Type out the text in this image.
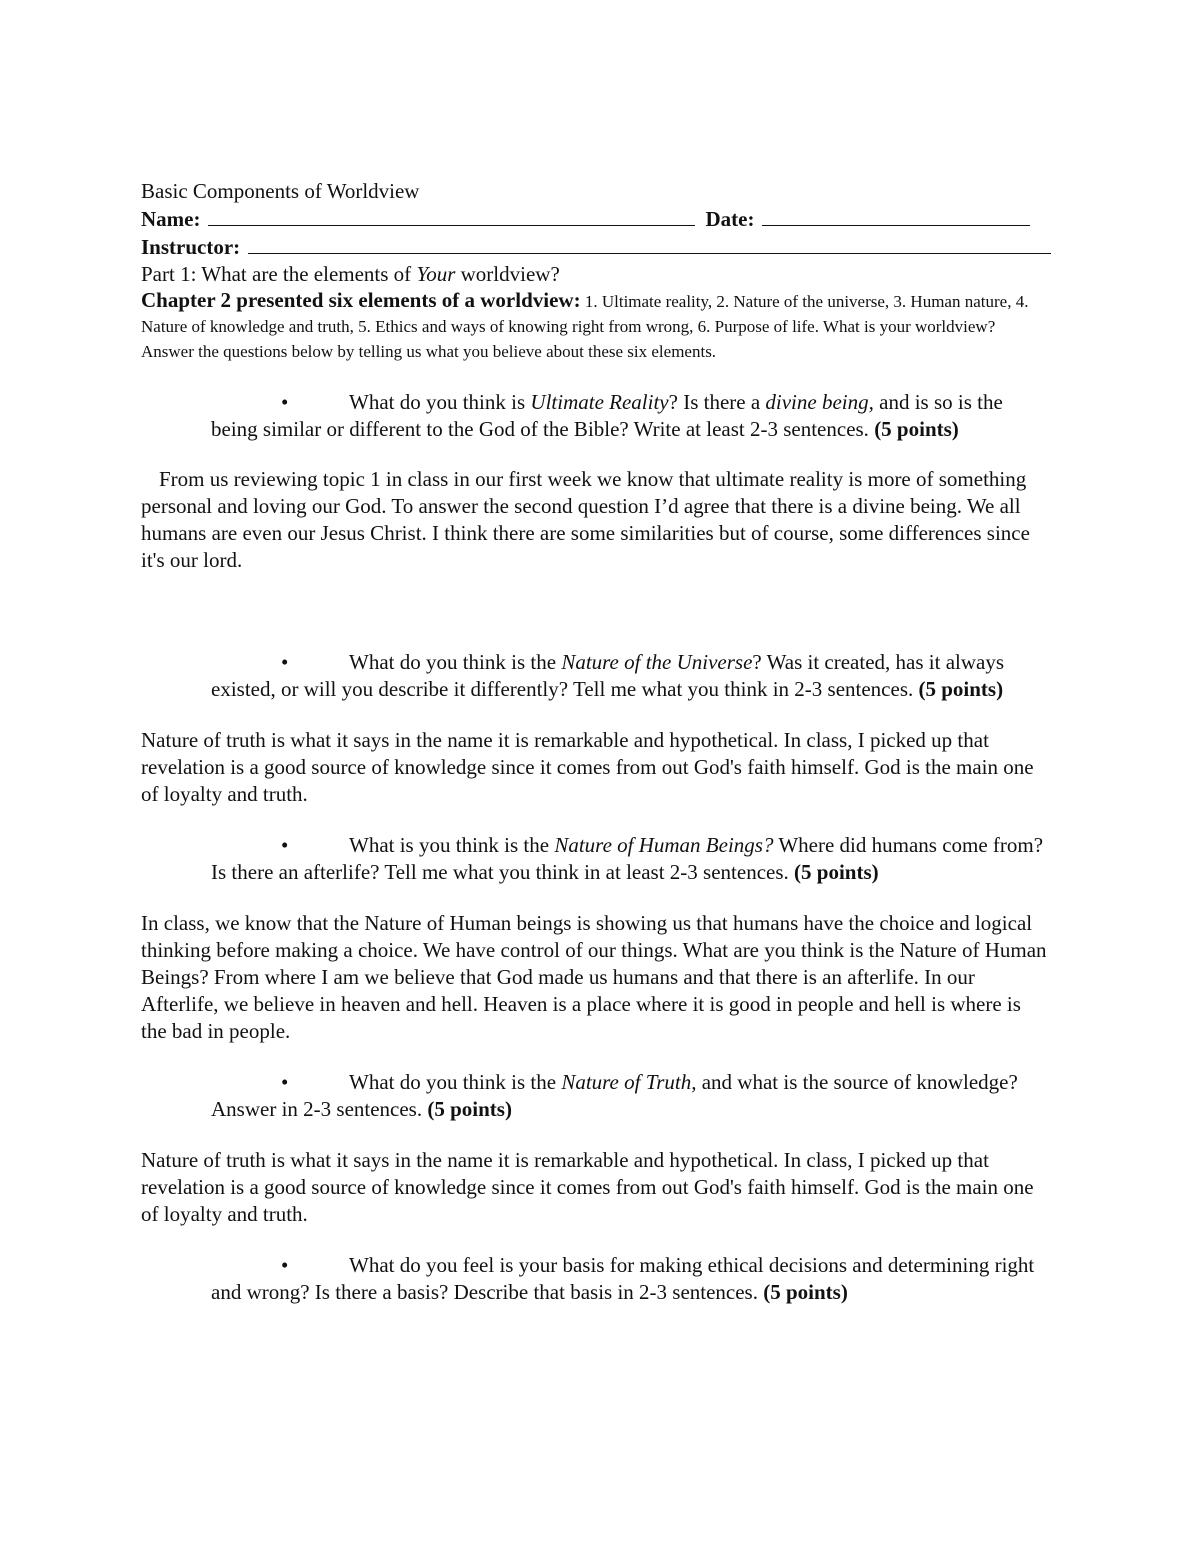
Basic Components of Worldview
Name:	Date:
Instructor:
Part 1: What are the elements of Your worldview?
Chapter 2 presented six elements of a worldview: 1. Ultimate reality, 2. Nature of the universe, 3. Human nature, 4. Nature of knowledge and truth, 5. Ethics and ways of knowing right from wrong, 6. Purpose of life. What is your worldview? Answer the questions below by telling us what you believe about these six elements.
•	What do you think is Ultimate Reality? Is there a divine being, and is so is the being similar or different to the God of the Bible? Write at least 2-3 sentences. (5 points)
From us reviewing topic 1 in class in our first week we know that ultimate reality is more of something personal and loving our God. To answer the second question I’d agree that there is a divine being. We all humans are even our Jesus Christ. I think there are some similarities but of course, some differences since it's our lord.
•	What do you think is the Nature of the Universe? Was it created, has it always existed, or will you describe it differently? Tell me what you think in 2-3 sentences. (5 points)
Nature of truth is what it says in the name it is remarkable and hypothetical. In class, I picked up that revelation is a good source of knowledge since it comes from out God's faith himself. God is the main one of loyalty and truth.
•	What is you think is the Nature of Human Beings? Where did humans come from? Is there an afterlife? Tell me what you think in at least 2-3 sentences. (5 points)
In class, we know that the Nature of Human beings is showing us that humans have the choice and logical thinking before making a choice. We have control of our things. What are you think is the Nature of Human Beings? From where I am we believe that God made us humans and that there is an afterlife. In our Afterlife, we believe in heaven and hell. Heaven is a place where it is good in people and hell is where is the bad in people.
•	What do you think is the Nature of Truth, and what is the source of knowledge? Answer in 2-3 sentences. (5 points)
Nature of truth is what it says in the name it is remarkable and hypothetical. In class, I picked up that revelation is a good source of knowledge since it comes from out God's faith himself. God is the main one of loyalty and truth.
•	What do you feel is your basis for making ethical decisions and determining right and wrong? Is there a basis? Describe that basis in 2-3 sentences. (5 points)
